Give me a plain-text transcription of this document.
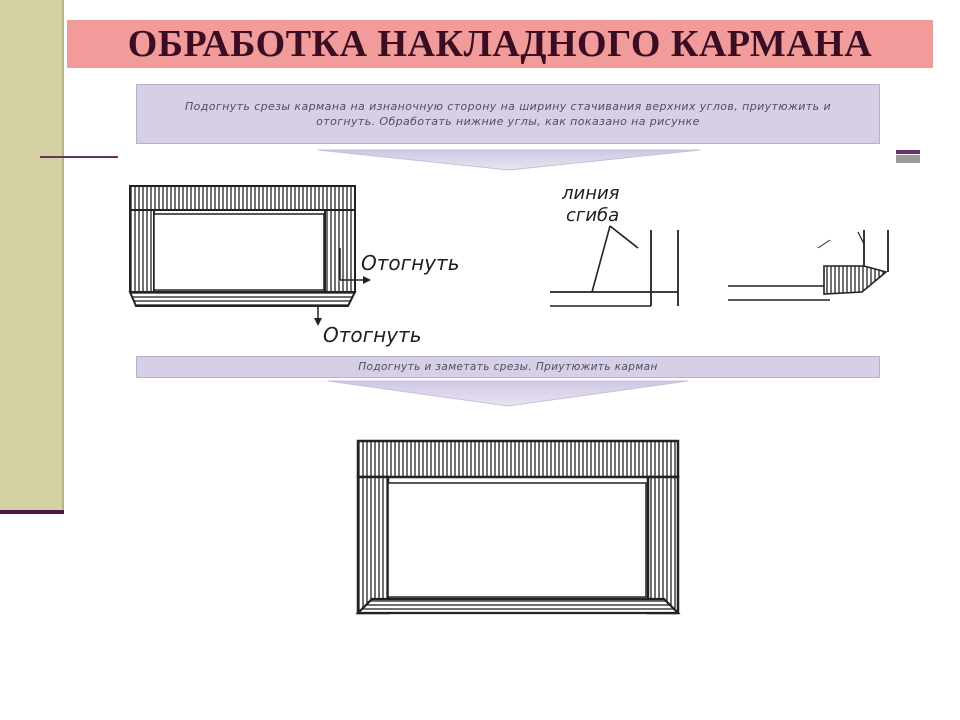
ОБРАБОТКА НАКЛАДНОГО КАРМАНА
Подогнуть срезы кармана на изнаночную сторону на ширину стачивания верхних углов, приутюжить и отогнуть. Обработать нижние углы, как показано на рисунке
Подогнуть и заметать срезы. Приутюжить карман
Отогнуть
Отогнуть
линия
сгиба
